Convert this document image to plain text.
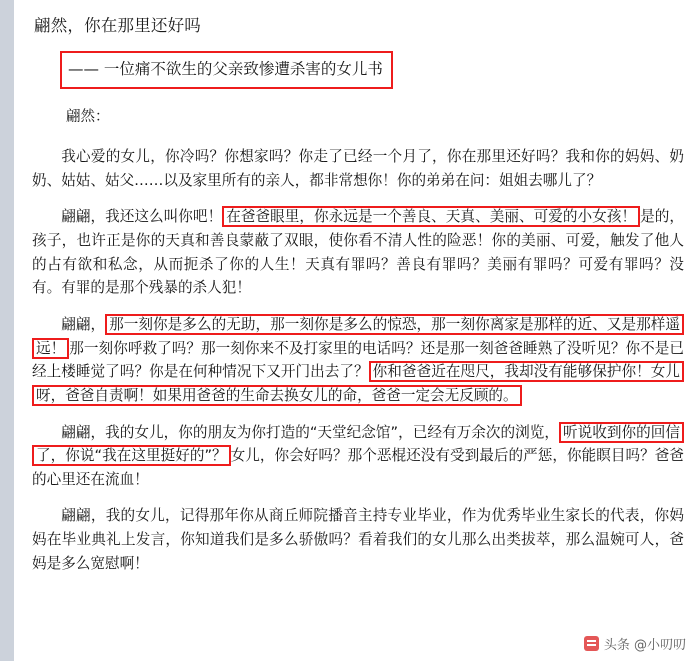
翩然，你在那里还好吗
—— 一位痛不欲生的父亲致惨遭杀害的女儿书
翩然：

我心爱的女儿，你冷吗？你想家吗？你走了已经一个月了，你在那里还好吗？我和你的妈妈、奶奶、姑姑、姑父……以及家里所有的亲人，都非常想你！你的弟弟在问：姐姐去哪儿了？

翩翩，我还这么叫你吧！ 在爸爸眼里，你永远是一个善良、天真、美丽、可爱的小女孩！ 是的，孩子，也许正是你的天真和善良蒙蔽了双眼，使你看不清人性的险恶！你的美丽、可爱，触发了他人的占有欲和私念，从而扼杀了你的人生！天真有罪吗？善良有罪吗？美丽有罪吗？可爱有罪吗？没有。有罪的是那个残暴的杀人犯！

翩翩， 那一刻你是多么的无助，那一刻你是多么的惊恐，那一刻你离家是那样的近、又是那样遥远！ 那一刻你呼救了吗？那一刻你来不及打家里的电话吗？还是那一刻爸爸睡熟了没听见？你不是已经上楼睡觉了吗？你是在何种情况下又开门出去了？ 你和爸爸近在咫尺，我却没有能够保护你！女儿呀，爸爸自责啊！如果用爸爸的生命去换女儿的命，爸爸一定会无反顾的。

翩翩，我的女儿，你的朋友为你打造的“天堂纪念馆”，已经有万余次的浏览， 听说收到你的回信了，你说“我在这里挺好的”？ 女儿，你会好吗？那个恶棍还没有受到最后的严惩，你能瞑目吗？爸爸的心里还在流血！

翩翩，我的女儿，记得那年你从商丘师院播音主持专业毕业，作为优秀毕业生家长的代表，你妈妈在毕业典礼上发言，你知道我们是多么骄傲吗？看着我们的女儿那么出类拔萃，那么温婉可人，爸妈是多么宽慰啊！

头条 @小叨叨
